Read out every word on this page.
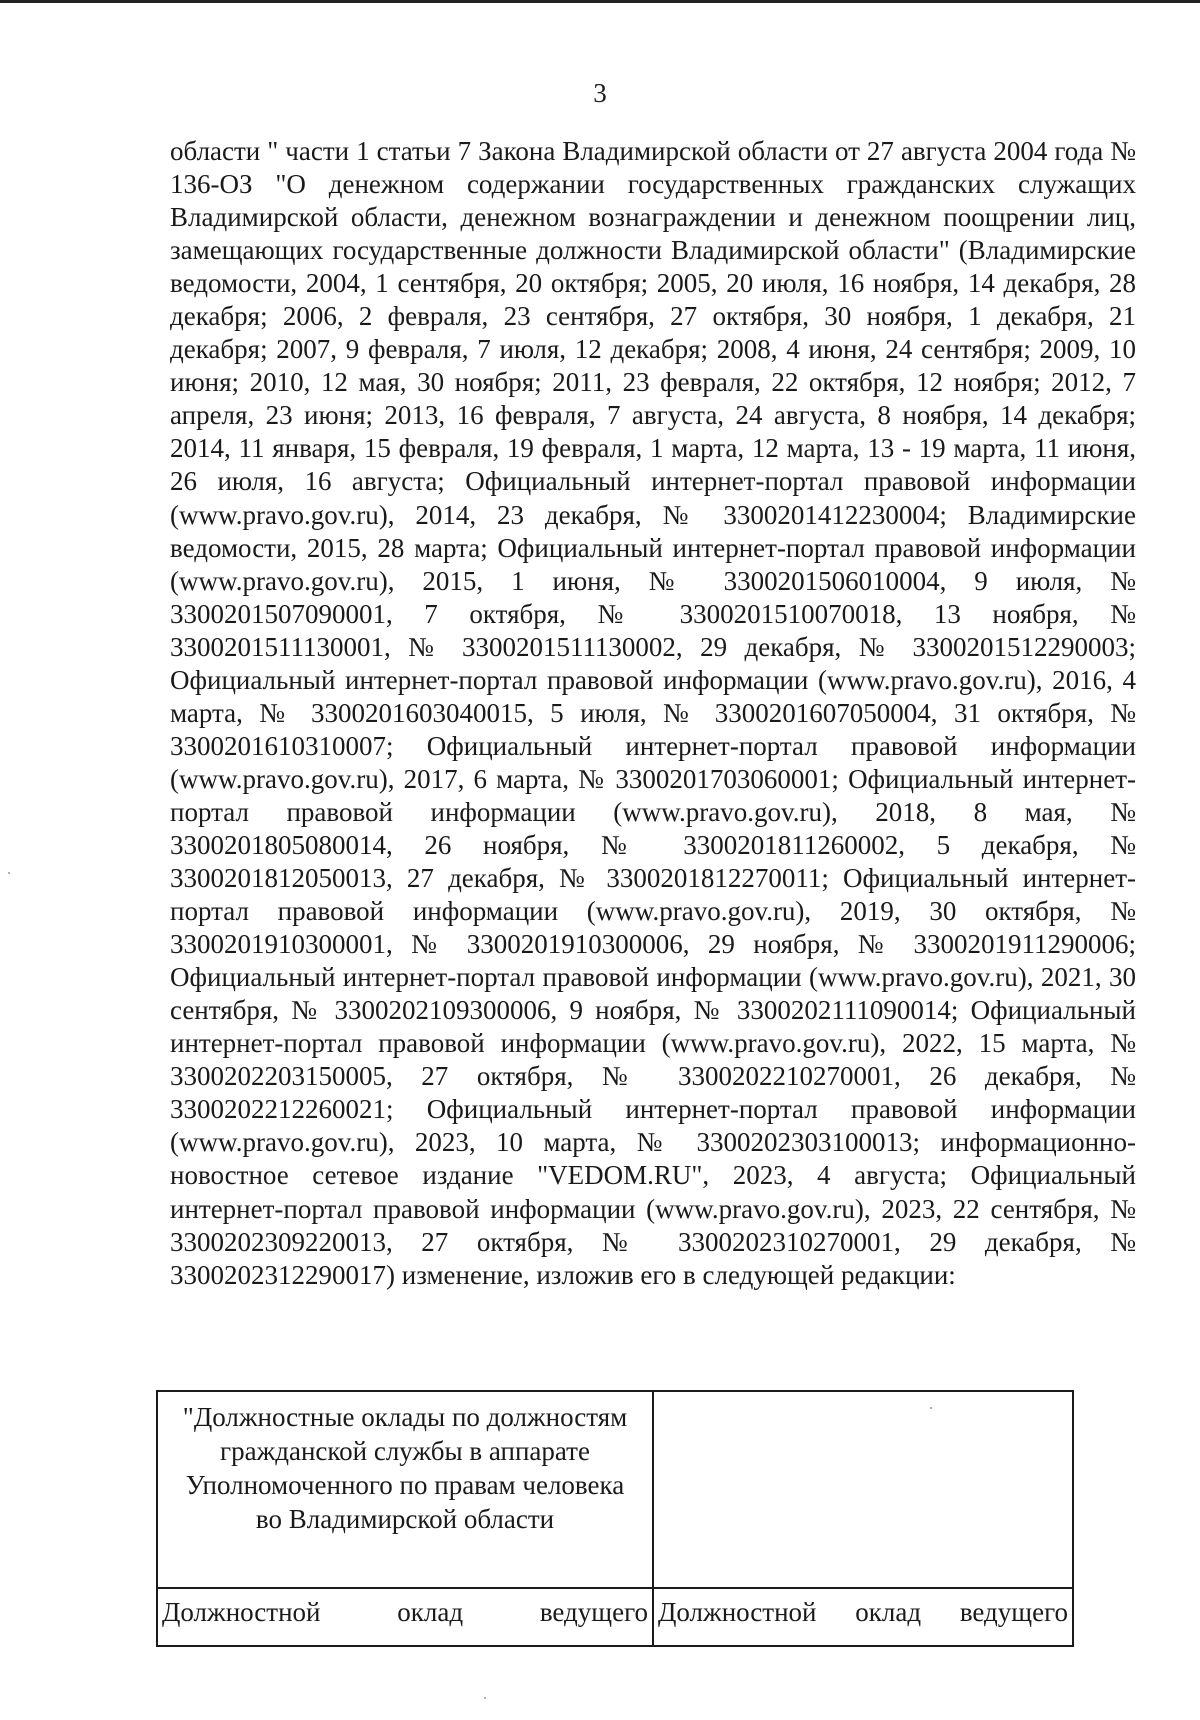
3

области " части 1 статьи 7 Закона Владимирской области от 27 августа 2004 года № 136-ОЗ "О денежном содержании государственных гражданских служащих Владимирской области, денежном вознаграждении и денежном поощрении лиц, замещающих государственные должности Владимирской области" (Владимирские ведомости, 2004, 1 сентября, 20 октября; 2005, 20 июля, 16 ноября, 14 декабря, 28 декабря; 2006, 2 февраля, 23 сентября, 27 октября, 30 ноября, 1 декабря, 21 декабря; 2007, 9 февраля, 7 июля, 12 декабря; 2008, 4 июня, 24 сентября; 2009, 10 июня; 2010, 12 мая, 30 ноября; 2011, 23 февраля, 22 октября, 12 ноября; 2012, 7 апреля, 23 июня; 2013, 16 февраля, 7 августа, 24 августа, 8 ноября, 14 декабря; 2014, 11 января, 15 февраля, 19 февраля, 1 марта, 12 марта, 13 - 19 марта, 11 июня, 26 июля, 16 августа; Официальный интернет-портал правовой информации (www.pravo.gov.ru), 2014, 23 декабря, № 3300201412230004; Владимирские ведомости, 2015, 28 марта; Официальный интернет-портал правовой информации (www.pravo.gov.ru), 2015, 1 июня, № 3300201506010004, 9 июля, № 3300201507090001, 7 октября, № 3300201510070018, 13 ноября, № 3300201511130001, № 3300201511130002, 29 декабря, № 3300201512290003; Официальный интернет-портал правовой информации (www.pravo.gov.ru), 2016, 4 марта, № 3300201603040015, 5 июля, № 3300201607050004, 31 октября, № 3300201610310007; Официальный интернет-портал правовой информации (www.pravo.gov.ru), 2017, 6 марта, № 3300201703060001; Официальный интернет-портал правовой информации (www.pravo.gov.ru), 2018, 8 мая, № 3300201805080014, 26 ноября, № 3300201811260002, 5 декабря, № 3300201812050013, 27 декабря, № 3300201812270011; Официальный интернет-портал правовой информации (www.pravo.gov.ru), 2019, 30 октября, № 3300201910300001, № 3300201910300006, 29 ноября, № 3300201911290006; Официальный интернет-портал правовой информации (www.pravo.gov.ru), 2021, 30 сентября, № 3300202109300006, 9 ноября, № 3300202111090014; Официальный интернет-портал правовой информации (www.pravo.gov.ru), 2022, 15 марта, № 3300202203150005, 27 октября, № 3300202210270001, 26 декабря, № 3300202212260021; Официальный интернет-портал правовой информации (www.pravo.gov.ru), 2023, 10 марта, № 3300202303100013; информационно-новостное сетевое издание "VEDOM.RU", 2023, 4 августа; Официальный интернет-портал правовой информации (www.pravo.gov.ru), 2023, 22 сентября, № 3300202309220013, 27 октября, № 3300202310270001, 29 декабря, № 3300202312290017) изменение, изложив его в следующей редакции:

"Должностные оклады по должностям
гражданской службы в аппарате
Уполномоченного по правам человека
во Владимирской области	

Должностной оклад ведущего	Должностной оклад ведущего
